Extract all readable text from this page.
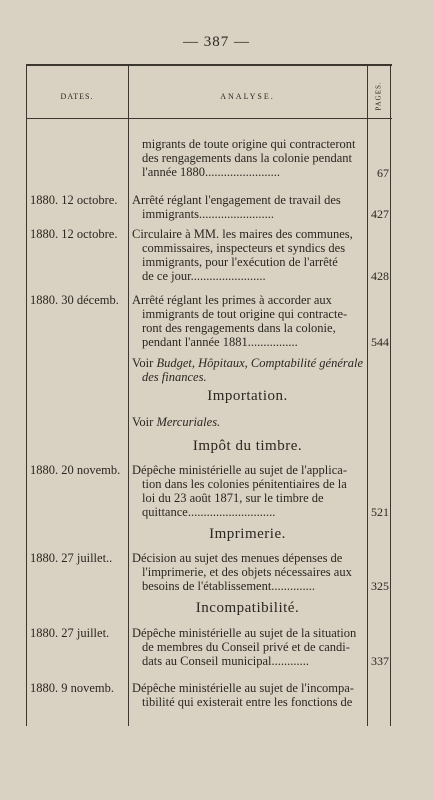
— 387 —
DATES.	ANALYSE.	PAGES.
migrants de toute origine qui contracteront
des rengagements dans la colonie pendant
l'année 1880........................	67
1880. 12 octobre.	Arrêté réglant l'engagement de travail des
immigrants........................	427
1880. 12 octobre.	Circulaire à MM. les maires des communes,
commissaires, inspecteurs et syndics des
immigrants, pour l'exécution de l'arrêté
de ce jour........................	428
1880. 30 décemb.	Arrêté réglant les primes à accorder aux
immigrants de tout origine qui contracte-
ront des rengagements dans la colonie,
pendant l'année 1881................	544
Voir Budget, Hôpitaux, Comptabilité générale
des finances.
Importation.
Voir Mercuriales.
Impôt du timbre.
1880. 20 novemb. Dépêche ministérielle au sujet de l'applica-
tion dans les colonies pénitentiaires de la
loi du 23 août 1871, sur le timbre de
quittance............................	521
Imprimerie.
1880. 27 juillet..	Décision au sujet des menues dépenses de
l'imprimerie, et des objets nécessaires aux
besoins de l'établissement..............	325
Incompatibilité.
1880. 27 juillet.	Dépêche ministérielle au sujet de la situation
de membres du Conseil privé et de candi-
dats au Conseil municipal............	337
1880. 9 novemb.	Dépêche ministérielle au sujet de l'incompa-
tibilité qui existerait entre les fonctions de
